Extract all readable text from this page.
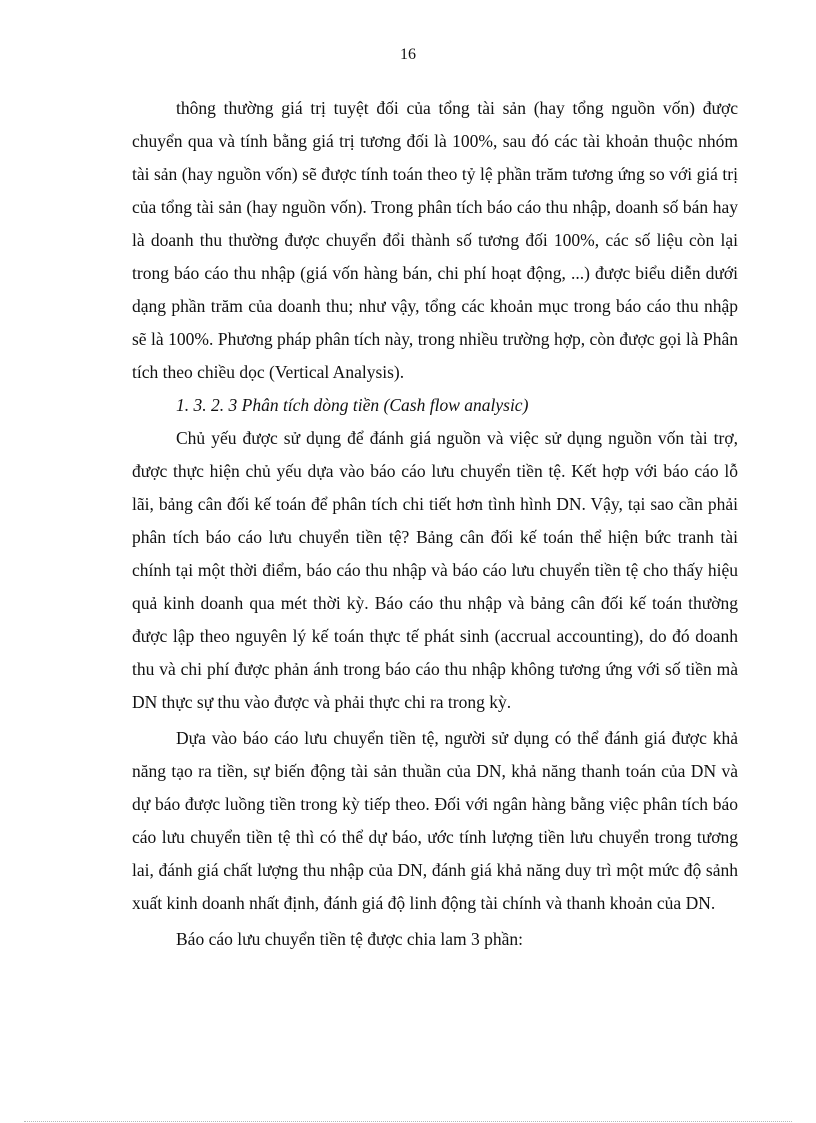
16

thông thường giá trị tuyệt đối của tổng tài sản (hay tổng nguồn vốn) được chuyển qua và tính bằng giá trị tương đối là 100%, sau đó các tài khoản thuộc nhóm tài sản (hay nguồn vốn) sẽ được tính toán theo tỷ lệ phần trăm tương ứng so với giá trị của tổng tài sản (hay nguồn vốn). Trong phân tích báo cáo thu nhập, doanh số bán hay là doanh thu thường được chuyển đổi thành số tương đối 100%, các số liệu còn lại trong báo cáo thu nhập (giá vốn hàng bán, chi phí hoạt động, ...) được biểu diễn dưới dạng phần trăm của doanh thu; như vậy, tổng các khoản mục trong báo cáo thu nhập sẽ là 100%. Phương pháp phân tích này, trong nhiều trường hợp, còn được gọi là Phân tích theo chiều dọc (Vertical Analysis).

1. 3. 2. 3 Phân tích dòng tiền (Cash flow analysic)

Chủ yếu được sử dụng để đánh giá nguồn và việc sử dụng nguồn vốn tài trợ, được thực hiện chủ yếu dựa vào báo cáo lưu chuyển tiền tệ. Kết hợp với báo cáo lỗ lãi, bảng cân đối kế toán để phân tích chi tiết hơn tình hình DN. Vậy, tại sao cần phải phân tích báo cáo lưu chuyển tiền tệ? Bảng cân đối kế toán thể hiện bức tranh tài chính tại một thời điểm, báo cáo thu nhập và báo cáo lưu chuyển tiền tệ cho thấy hiệu quả kinh doanh qua mét thời kỳ. Báo cáo thu nhập và bảng cân đối kế toán thường được lập theo nguyên lý kế toán thực tế phát sinh (accrual accounting), do đó doanh thu và chi phí được phản ánh trong báo cáo thu nhập không tương ứng với số tiền mà DN thực sự thu vào được và phải thực chi ra trong kỳ.

Dựa vào báo cáo lưu chuyển tiền tệ, người sử dụng có thể đánh giá được khả năng tạo ra tiền, sự biến động tài sản thuần của DN, khả năng thanh toán của DN và dự báo được luồng tiền trong kỳ tiếp theo. Đối với ngân hàng bằng việc phân tích báo cáo lưu chuyển tiền tệ thì có thể dự báo, ước tính lượng tiền lưu chuyển trong tương lai, đánh giá chất lượng thu nhập của DN, đánh giá khả năng duy trì một mức độ sảnh xuất kinh doanh nhất định, đánh giá độ linh động tài chính và thanh khoản của DN.

Báo cáo lưu chuyển tiền tệ được chia lam 3 phần:
